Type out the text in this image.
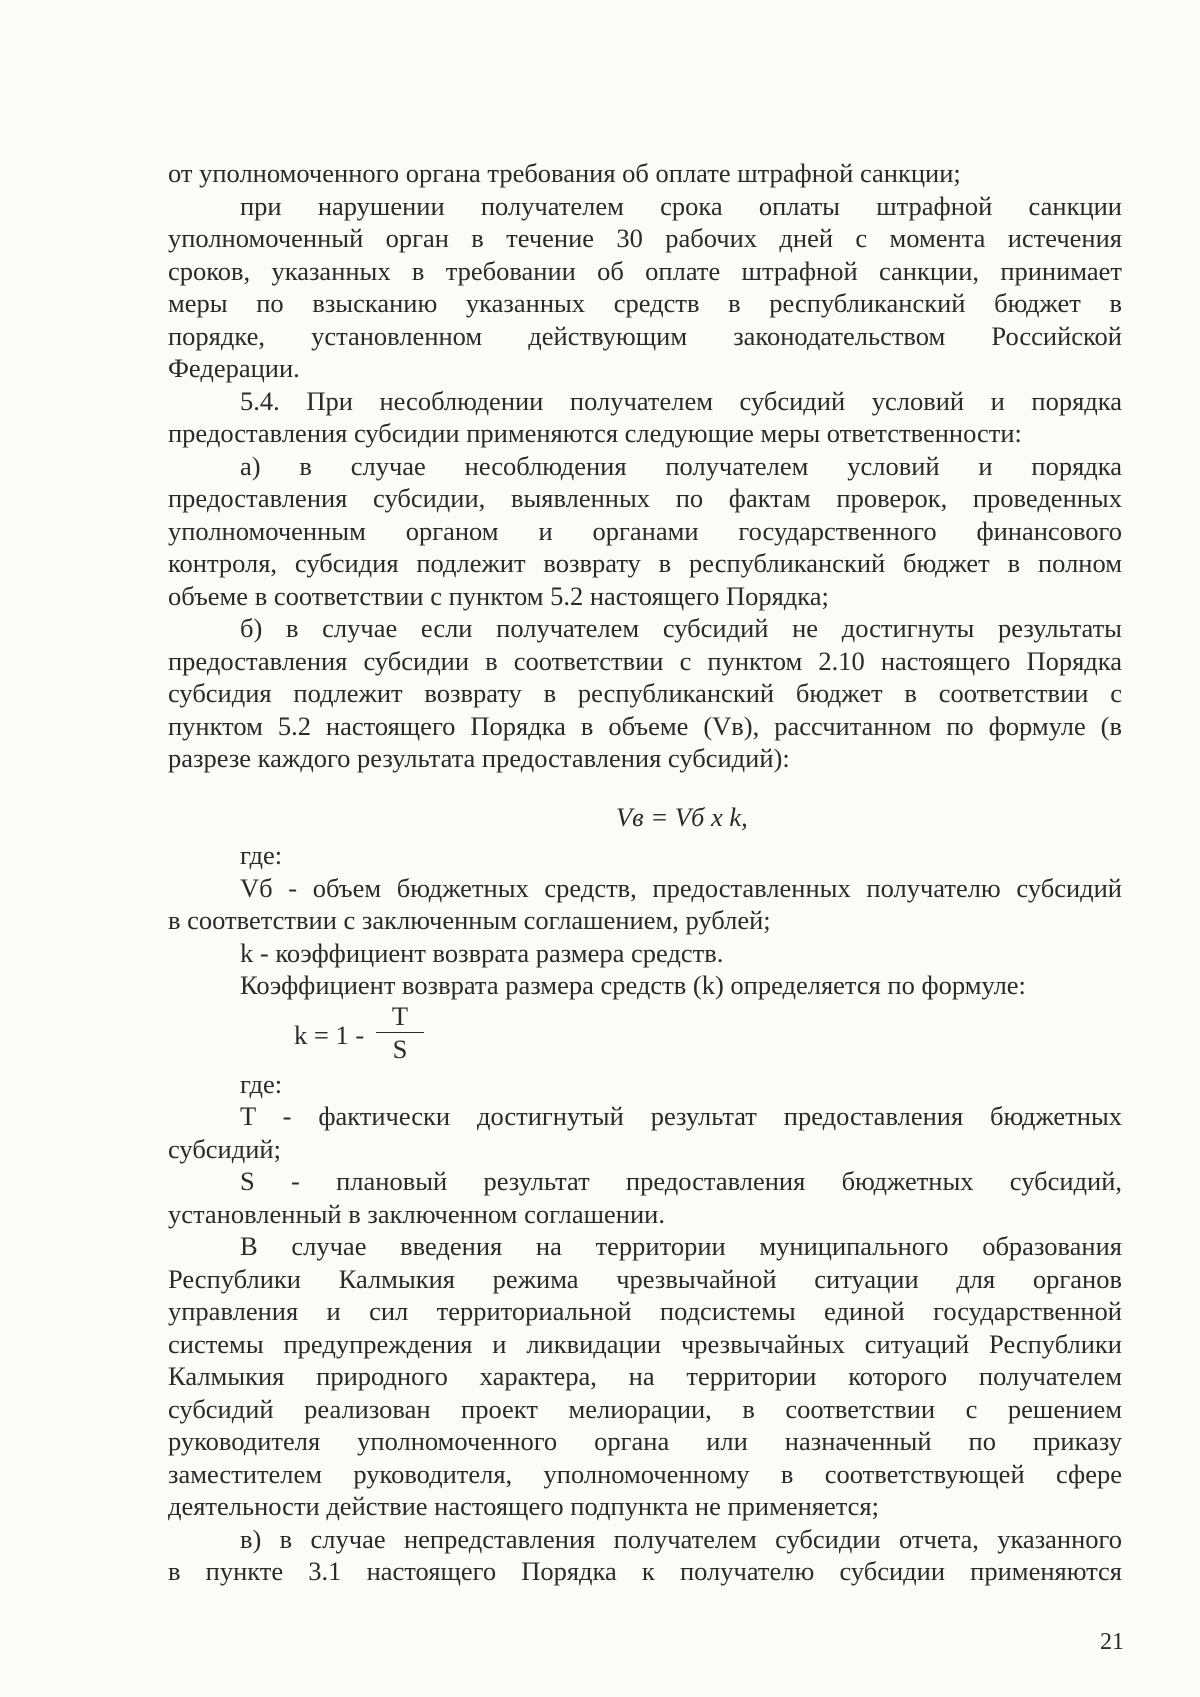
от уполномоченного органа требования об оплате штрафной санкции;
при нарушении получателем срока оплаты штрафной санкции
уполномоченный орган в течение 30 рабочих дней с момента истечения
сроков, указанных в требовании об оплате штрафной санкции, принимает
меры по взысканию указанных средств в республиканский бюджет в
порядке, установленном действующим законодательством Российской
Федерации.
5.4. При несоблюдении получателем субсидий условий и порядка
предоставления субсидии применяются следующие меры ответственности:
а) в случае несоблюдения получателем условий и порядка
предоставления субсидии, выявленных по фактам проверок, проведенных
уполномоченным органом и органами государственного финансового
контроля, субсидия подлежит возврату в республиканский бюджет в полном
объеме в соответствии с пунктом 5.2 настоящего Порядка;
б) в случае если получателем субсидий не достигнуты результаты
предоставления субсидии в соответствии с пунктом 2.10 настоящего Порядка
субсидия подлежит возврату в республиканский бюджет в соответствии с
пунктом 5.2 настоящего Порядка в объеме (Vв), рассчитанном по формуле (в
разрезе каждого результата предоставления субсидий):
Vв = Vб x k,
где:
Vб - объем бюджетных средств, предоставленных получателю субсидий
в соответствии с заключенным соглашением, рублей;
k - коэффициент возврата размера средств.
Коэффициент возврата размера средств (k) определяется по формуле:
k = 1 -
T
S
где:
T - фактически достигнутый результат предоставления бюджетных
субсидий;
S - плановый результат предоставления бюджетных субсидий,
установленный в заключенном соглашении.
В случае введения на территории муниципального образования
Республики Калмыкия режима чрезвычайной ситуации для органов
управления и сил территориальной подсистемы единой государственной
системы предупреждения и ликвидации чрезвычайных ситуаций Республики
Калмыкия природного характера, на территории которого получателем
субсидий реализован проект мелиорации, в соответствии с решением
руководителя уполномоченного органа или назначенный по приказу
заместителем руководителя, уполномоченному в соответствующей сфере
деятельности действие настоящего подпункта не применяется;
в) в случае непредставления получателем субсидии отчета, указанного
в пункте 3.1 настоящего Порядка к получателю субсидии применяются
21
